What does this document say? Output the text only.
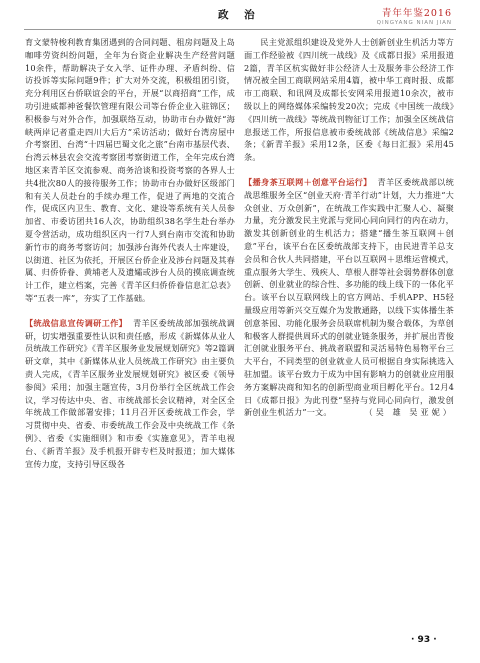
政 治	青年年鉴2016
QINGYANG NIAN JIAN

育文蒙特梭利教育集团遇到的合同问题、租房问题及上岛咖啡劳资纠纷问题，全年为台资企业解决生产经营问题10余件，帮助解决子女入学、证件办理、矛盾纠纷、信访投诉等实际问题9件；扩大对外交流，积极组团引资，充分利用区台侨联谊会的平台，开展“以商招商”工作，成功引进威都神爸餐饮管理有限公司等台侨企业入驻锦区；积极参与对外合作，加强联络互动，协助市台办做好“海峡两岸记者重走四川大后方”采访活动；做好台湾房屋中介考察团、台湾“十四届巴蜀文化之旅”台南市基层代表、台湾云林县农会交流考察团考察街道工作，全年完成台湾地区来青羊区交流参观、商务洽谈和投资考察的各界人士共4批次80人的接待服务工作；协助市台办做好区级部门和有关人员赴台的手续办理工作，促进了两地的交流合作，促成区内卫生、教育、文化、建设等系统有关人员参加省、市委访团共16人次，协助组织38名学生赴台举办夏令营活动，成功组织区内一行7人到台南市交流和协助新竹市的商务考察访问；加强涉台海外代表人士库建设，以街道、社区为依托，开展区台侨企业及涉台问题及其春属、归侨侨眷、黄埔老人及遗孀或涉台人员的摸底调查统计工作，建立档案，完善《青羊区归侨侨眷信息汇总表》等“五表一库”，夯实了工作基础。

【统战信息宣传调研工作】 青羊区委统战部加强统战调研，切实增强重要性认识和责任感，形成《新媒体从业人员统战工作研究》《青羊区服务业发展规划研究》等2篇调研文章，其中《新媒体从业人员统战工作研究》由主要负责人完成，《青羊区服务业发展规划研究》被区委《领导参阅》采用；加强主题宣传，3月份举行全区统战工作会议，学习传达中央、省、市统战部长会议精神，对全区全年统战工作做部署安排；11月召开区委统战工作会，学习贯彻中央、省委、市委统战工作会及中央统战工作《条例》、省委《实施细则》和市委《实施意见》，青羊电视台、《新青羊报》及手机报开辟专栏及时报道；加大媒体宣传力度，支持引导区级各

民主党派组织建设及党外人士创新创业生机活力等方面工作经验被《四川统一战线》及《成都日报》采用报道2篇，青羊区杭实做好非公经济人士及服务非公经济工作情况被全国工商联网站采用4篇，被中华工商时报、成都市工商联、和讯网及成都长安网采用报道10余次，被市级以上的网络媒体采编转发20次；完成《中国统一战线》《四川统一战线》等统战刊物征订工作；加强全区统战信息报送工作，所报信息被市委统战部《统战信息》采编2条；《新青羊报》采用12条，区委《每日汇报》采用45条。

【播身茶互联网＋创意平台运行】 青羊区委统战部以统战思维服务全区“创业天府·青羊行动”计划，大力推进“大众创业、万众创新”，在统战工作实践中汇聚人心、凝聚力量，充分激发民主党派与党同心同向同行的内在动力，激发其创新创业的生机活力；搭建“播生茶互联网＋创意”平台，该平台在区委统战部支持下，由民进青羊总支会员和合伙人共同搭建，平台以互联网＋思维运营模式，重点服务大学生、残疾人、草根人群等社会弱势群体创意创新、创业就业的综合性、多功能的线上线下的一体化平台。该平台以互联网线上的官方网站、手机APP、H5轻量级应用等新兴交互媒介为发散通路，以线下实体播生茶创意茶园、功能化服务会员联席机制为聚合载体，为草创和极客人群提供周环式的创就业链条服务，并扩展出青俊汇创就业服务平台、挑战者联盟和灵活易特色易物平台三大平台，不同类型的创业就业人员可根据自身实际挑选入驻加盟。该平台致力于成为中国有影响力的创就业应用服务方案解决商和知名的创新型商业项目孵化平台。12月4日《成都日报》为此刊登“坚持与党同心同向行，激发创新创业生机活力”一文。	（吴 雄 吴亚妮）

· 93 ·
